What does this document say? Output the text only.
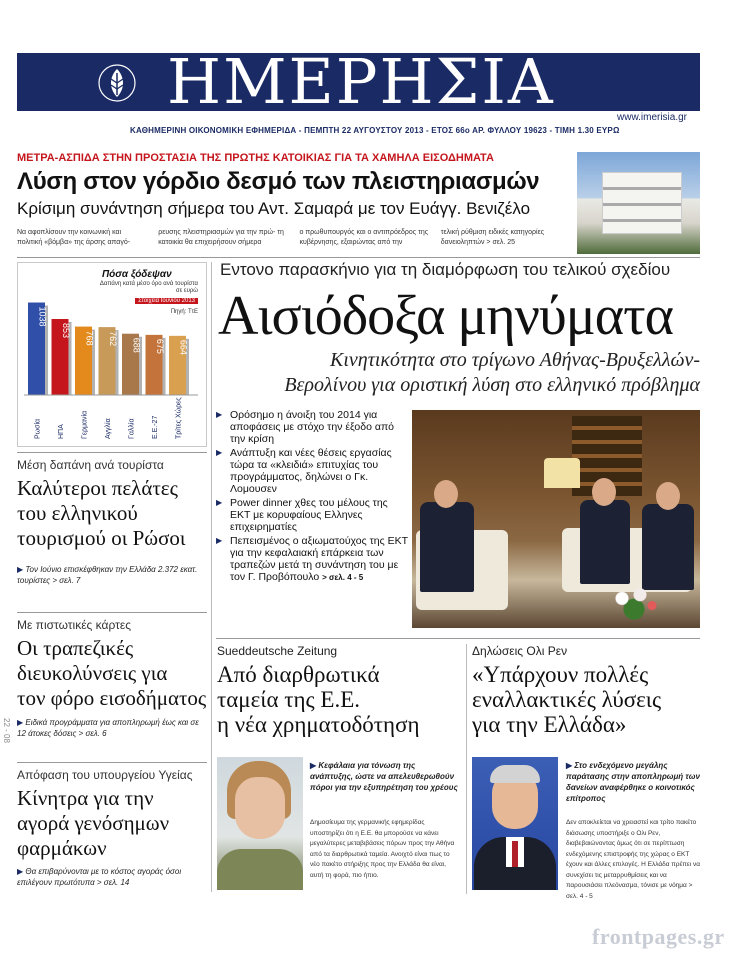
ΗΜΕΡΗΣΙΑ	www.imerisia.gr
ΚΑΘΗΜΕΡΙΝΗ ΟΙΚΟΝΟΜΙΚΗ ΕΦΗΜΕΡΙΔΑ - ΠΕΜΠΤΗ 22 ΑΥΓΟΥΣΤΟΥ 2013 - ΕΤΟΣ 66ο ΑΡ. ΦΥΛΛΟΥ 19623 - ΤΙΜΗ 1.30 ΕΥΡΩ
ΜΕΤΡΑ-ΑΣΠΙΔΑ ΣΤΗΝ ΠΡΟΣΤΑΣΙΑ ΤΗΣ ΠΡΩΤΗΣ ΚΑΤΟΙΚΙΑΣ ΓΙΑ ΤΑ ΧΑΜΗΛΑ ΕΙΣΟΔΗΜΑΤΑ
Λύση στον γόρδιο δεσμό των πλειστηριασμών
Κρίσιμη συνάντηση σήμερα του Αντ. Σαμαρά με τον Ευάγγ. Βενιζέλο

Να αφοπλίσουν την κοινωνική και πολιτική «βόμβα» της άρσης απαγό-

ρευσης πλειστηριασμών για την πρώ- τη κατοικία θα επιχειρήσουν σήμερα

ο πρωθυπουργός και ο αντιπρόεδρος της κυβέρνησης, εξαιρώντας από την

τελική ρύθμιση ειδικές κατηγορίες δανειοληπτών > σελ. 25

Πόσα ξόδεψαν
Δαπάνη κατά μέσο όρο ανά τουρίστα σε ευρώ
Στοιχεία Ιουνίου 2013
Πηγή: ΤτΕ
1038
Ρωσία
853
ΗΠΑ
768
Γερμανία
762
Αγγλία
688
Γαλλία
675
Ε.Ε.-27
664
Τρίτες Χώρες
Μέση δαπάνη ανά τουρίστα
Καλύτεροι πελάτες
του ελληνικού
τουρισμού οι Ρώσοι
▶ Τον Ιούνιο επισκέφθηκαν την Ελλάδα 2.372 εκατ. τουρίστες > σελ. 7
Με πιστωτικές κάρτες
Οι τραπεζικές
διευκολύνσεις για
τον φόρο εισοδήματος
▶ Ειδικά προγράμματα για αποπληρωμή έως και σε 12 άτοκες δόσεις > σελ. 6
Απόφαση του υπουργείου Υγείας
Κίνητρα για την
αγορά γενόσημων
φαρμάκων
▶ Θα επιβαρύνονται με το κόστος αγοράς όσοι επιλέγουν πρωτότυπα > σελ. 14
22 - 08
Εντονο παρασκήνιο για τη διαμόρφωση του τελικού σχεδίου
Αισιόδοξα μηνύματα
Κινητικότητα στο τρίγωνο Αθήνας-Βρυξελλών-
Βερολίνου για οριστική λύση στο ελληνικό πρόβλημα
▶ Ορόσημο η άνοιξη του 2014 για αποφάσεις με στόχο την έξοδο από την κρίση
▶ Ανάπτυξη και νέες θέσεις εργασίας τώρα τα «κλειδιά» επιτυχίας του προγράμματος, δηλώνει ο Γκ. Λομουσεν
▶ Power dinner χθες του μέλους της ΕΚΤ με κορυφαίους Ελληνες επιχειρηματίες
▶ Πεπεισμένος ο αξιωματούχος της ΕΚΤ για την κεφαλαιακή επάρκεια των τραπεζών μετά τη συνάντηση του με τον Γ. Προβόπουλο > σελ. 4 - 5
Sueddeutsche Zeitung
Από διαρθρωτικά
ταμεία της Ε.Ε.
η νέα χρηματοδότηση
▶ Κεφάλαια για τόνωση της ανάπτυξης, ώστε να απελευθερωθούν πόροι για την εξυπηρέτηση του χρέους
Δημοσίευμα της γερμανικής εφημερίδας υποστηρίζει ότι η Ε.Ε. θα μπορούσε να κάνει μεγαλύτερες μεταβιβάσεις πόρων προς την Αθήνα από τα διαρθρωτικά ταμεία. Ανοιχτό είναι πως το νέο πακέτο στήριξης προς την Ελλάδα θα είναι, αυτή τη φορά, πιο ήπιο.
Δηλώσεις Ολι Ρεν
«Υπάρχουν πολλές
εναλλακτικές λύσεις
για την Ελλάδα»
▶ Στο ενδεχόμενο μεγάλης παράτασης στην αποπληρωμή των δανείων αναφέρθηκε ο κοινοτικός επίτροπος
Δεν αποκλείεται να χρειαστεί και τρίτο πακέτο διάσωσης υποστήριξε ο Ολι Ρεν, διαβεβαιώνοντας όμως ότι σε περίπτωση ενδεχόμενης επιστροφής της χώρας ο ΕΚΤ έχουν και άλλες επιλογές. Η Ελλάδα πρέπει να συνεχίσει τις μεταρρυθμίσεις και να παρουσιάσει πλεόνασμα, τόνισε με νόημα > σελ. 4 - 5
frontpages.gr
